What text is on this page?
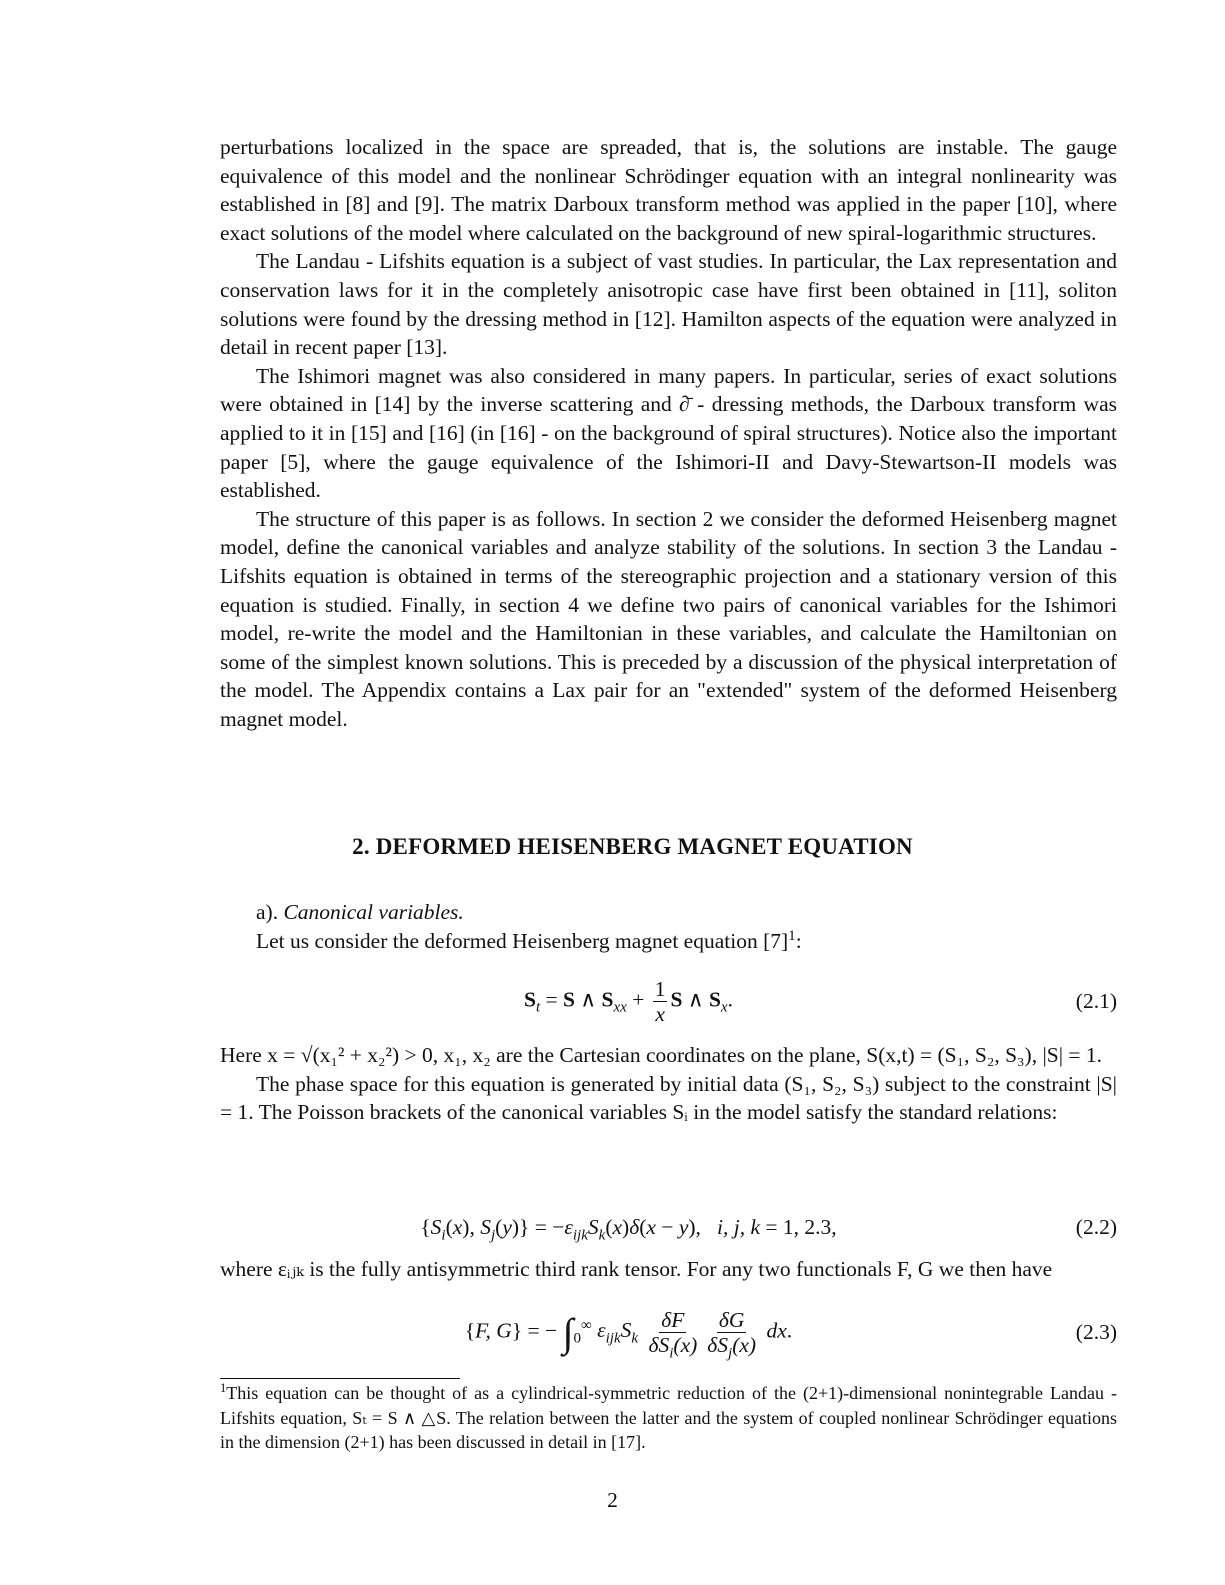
perturbations localized in the space are spreaded, that is, the solutions are instable. The gauge equivalence of this model and the nonlinear Schrödinger equation with an integral nonlinearity was established in [8] and [9]. The matrix Darboux transform method was applied in the paper [10], where exact solutions of the model where calculated on the background of new spiral-logarithmic structures.

The Landau - Lifshits equation is a subject of vast studies. In particular, the Lax representation and conservation laws for it in the completely anisotropic case have first been obtained in [11], soliton solutions were found by the dressing method in [12]. Hamilton aspects of the equation were analyzed in detail in recent paper [13].

The Ishimori magnet was also considered in many papers. In particular, series of exact solutions were obtained in [14] by the inverse scattering and ∂̄ - dressing methods, the Darboux transform was applied to it in [15] and [16] (in [16] - on the background of spiral structures). Notice also the important paper [5], where the gauge equivalence of the Ishimori-II and Davy-Stewartson-II models was established.

The structure of this paper is as follows. In section 2 we consider the deformed Heisenberg magnet model, define the canonical variables and analyze stability of the solutions. In section 3 the Landau - Lifshits equation is obtained in terms of the stereographic projection and a stationary version of this equation is studied. Finally, in section 4 we define two pairs of canonical variables for the Ishimori model, re-write the model and the Hamiltonian in these variables, and calculate the Hamiltonian on some of the simplest known solutions. This is preceded by a discussion of the physical interpretation of the model. The Appendix contains a Lax pair for an "extended" system of the deformed Heisenberg magnet model.

2. DEFORMED HEISENBERG MAGNET EQUATION
a). Canonical variables.
Let us consider the deformed Heisenberg magnet equation $[7]^1$:
$S_t = S$ ∧ $S_{xx} + \frac{1}{x}$ S ∧ $S_x$.	(2.1)

Here x = √(x₁² + x₂²) > 0, x₁, x₂ are the Cartesian coordinates on the plane, S(x,t) = (S₁, S₂, S₃), |S| = 1.

The phase space for this equation is generated by initial data (S₁, S₂, S₃) subject to the constraint |S| = 1. The Poisson brackets of the canonical variables Sᵢ in the model satisfy the standard relations:

{$S_i(x)$, $S_j(y)\} = -\varepsilon_{ijk}S_k(x)\delta(x - y)$,   i, j, k = 1, 2.3,	(2.2)

where εᵢⱼₖ is the fully antisymmetric third rank tensor. For any two functionals F, G we then have

{F, G} = − $\int_0^\infty$ $\varepsilon_{ijk}S_k \frac{\delta F}{\delta S_i(x)} \frac{\delta G}{\delta S_j(x)}$ dx.	(2.3)
$^1$This equation can be thought of as a cylindrical-symmetric reduction of the (2+1)-dimensional nonintegrable Landau - Lifshits equation, Sₜ = S ∧ △S. The relation between the latter and the system of coupled nonlinear Schrödinger equations in the dimension (2+1) has been discussed in detail in [17].
2
